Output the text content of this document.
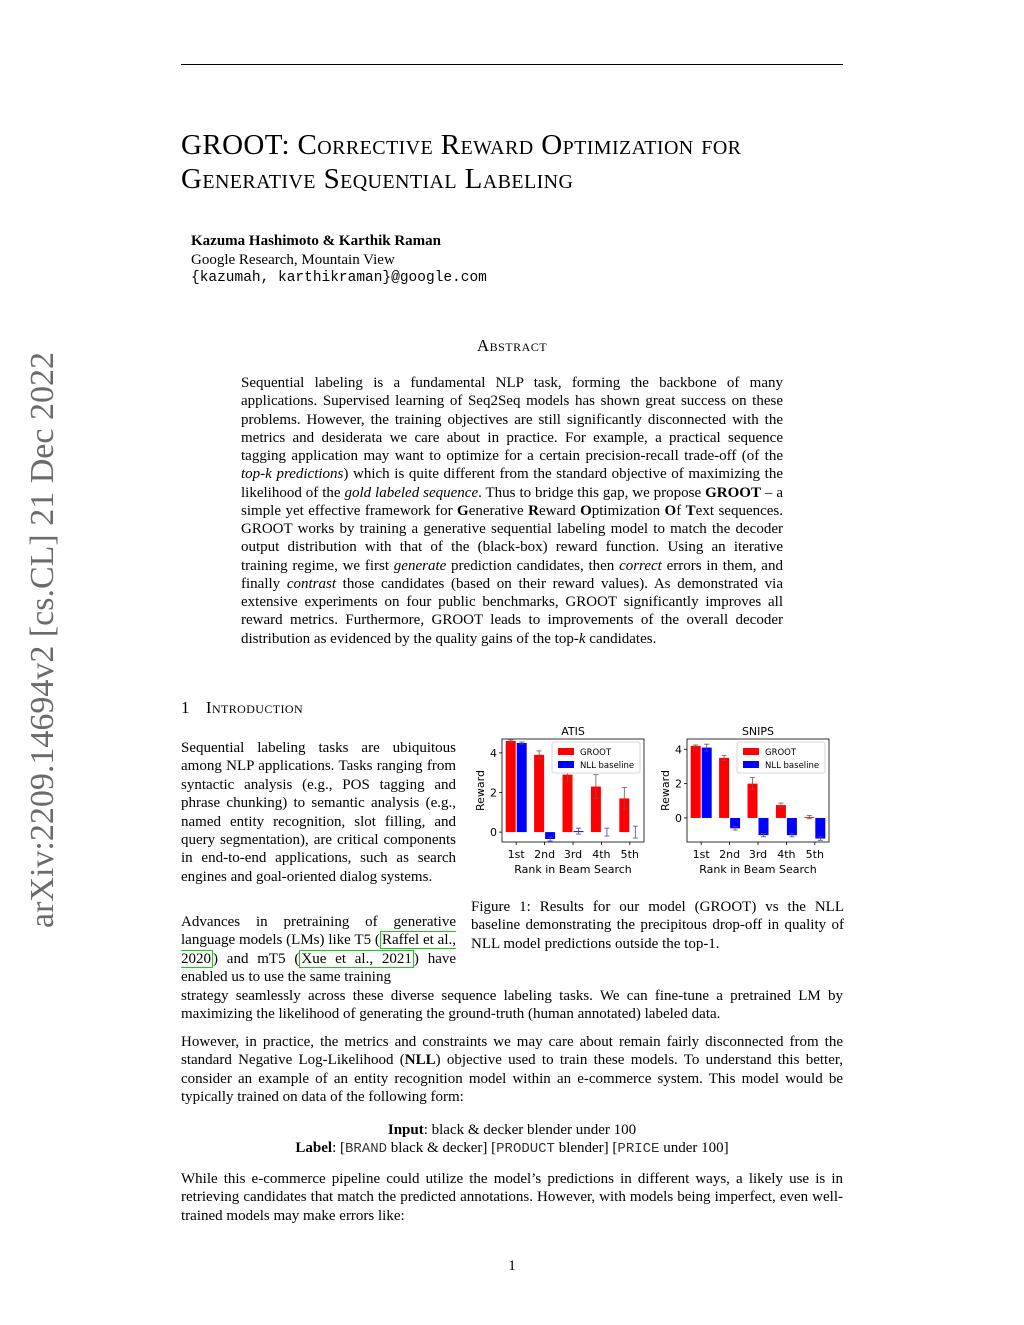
GROOT: Corrective Reward Optimization for
Generative Sequential Labeling
Kazuma Hashimoto & Karthik Raman
Google Research, Mountain View
{kazumah, karthikraman}@google.com
arXiv:2209.14694v2 [cs.CL] 21 Dec 2022
Abstract

Sequential labeling is a fundamental NLP task, forming the backbone of many applications. Supervised learning of Seq2Seq models has shown great success on these problems. However, the training objectives are still significantly disconnected with the metrics and desiderata we care about in practice. For example, a practical sequence tagging application may want to optimize for a certain precision-recall trade-off (of the top-k predictions) which is quite different from the standard objective of maximizing the likelihood of the gold labeled sequence. Thus to bridge this gap, we propose GROOT – a simple yet effective framework for Generative Reward Optimization Of Text sequences. GROOT works by training a generative sequential labeling model to match the decoder output distribution with that of the (black-box) reward function. Using an iterative training regime, we first generate prediction candidates, then correct errors in them, and finally contrast those candidates (based on their reward values). As demonstrated via extensive experiments on four public benchmarks, GROOT significantly improves all reward metrics. Furthermore, GROOT leads to improvements of the overall decoder distribution as evidenced by the quality gains of the top-k candidates.

1 Introduction
Sequential labeling tasks are ubiquitous among NLP applications. Tasks ranging from syntactic analysis (e.g., POS tagging and phrase chunking) to semantic analysis (e.g., named entity recognition, slot filling, and query segmentation), are critical components in end-to-end applications, such as search engines and goal-oriented dialog systems.
Advances in pretraining of generative language models (LMs) like T5 ( Raffel et al., 2020 ) and mT5 ( Xue et al., 2021 ) have enabled us to use the same training
strategy seamlessly across these diverse sequence labeling tasks. We can fine-tune a pretrained LM by maximizing the likelihood of generating the ground-truth (human annotated) labeled data.
However, in practice, the metrics and constraints we may care about remain fairly disconnected from the standard Negative Log-Likelihood (NLL) objective used to train these models. To understand this better, consider an example of an entity recognition model within an e-commerce system. This model would be typically trained on data of the following form:
Input: black & decker blender under 100
Label: [BRAND black & decker] [PRODUCT blender] [PRICE under 100]
While this e-commerce pipeline could utilize the model’s predictions in different ways, a likely use is in retrieving candidates that match the predicted annotations. However, with models being imperfect, even well-trained models may make errors like:
0
2
4
1st 2nd 3rd 4th 5th
ATIS
Rank in Beam Search
Reward
GROOT
NLL baseline
0
2
4
1st 2nd 3rd 4th 5th
SNIPS
Rank in Beam Search
Reward
GROOT
NLL baseline
Figure 1: Results for our model (GROOT) vs the NLL baseline demonstrating the precipitous drop-off in quality of NLL model predictions outside the top-1.
1
